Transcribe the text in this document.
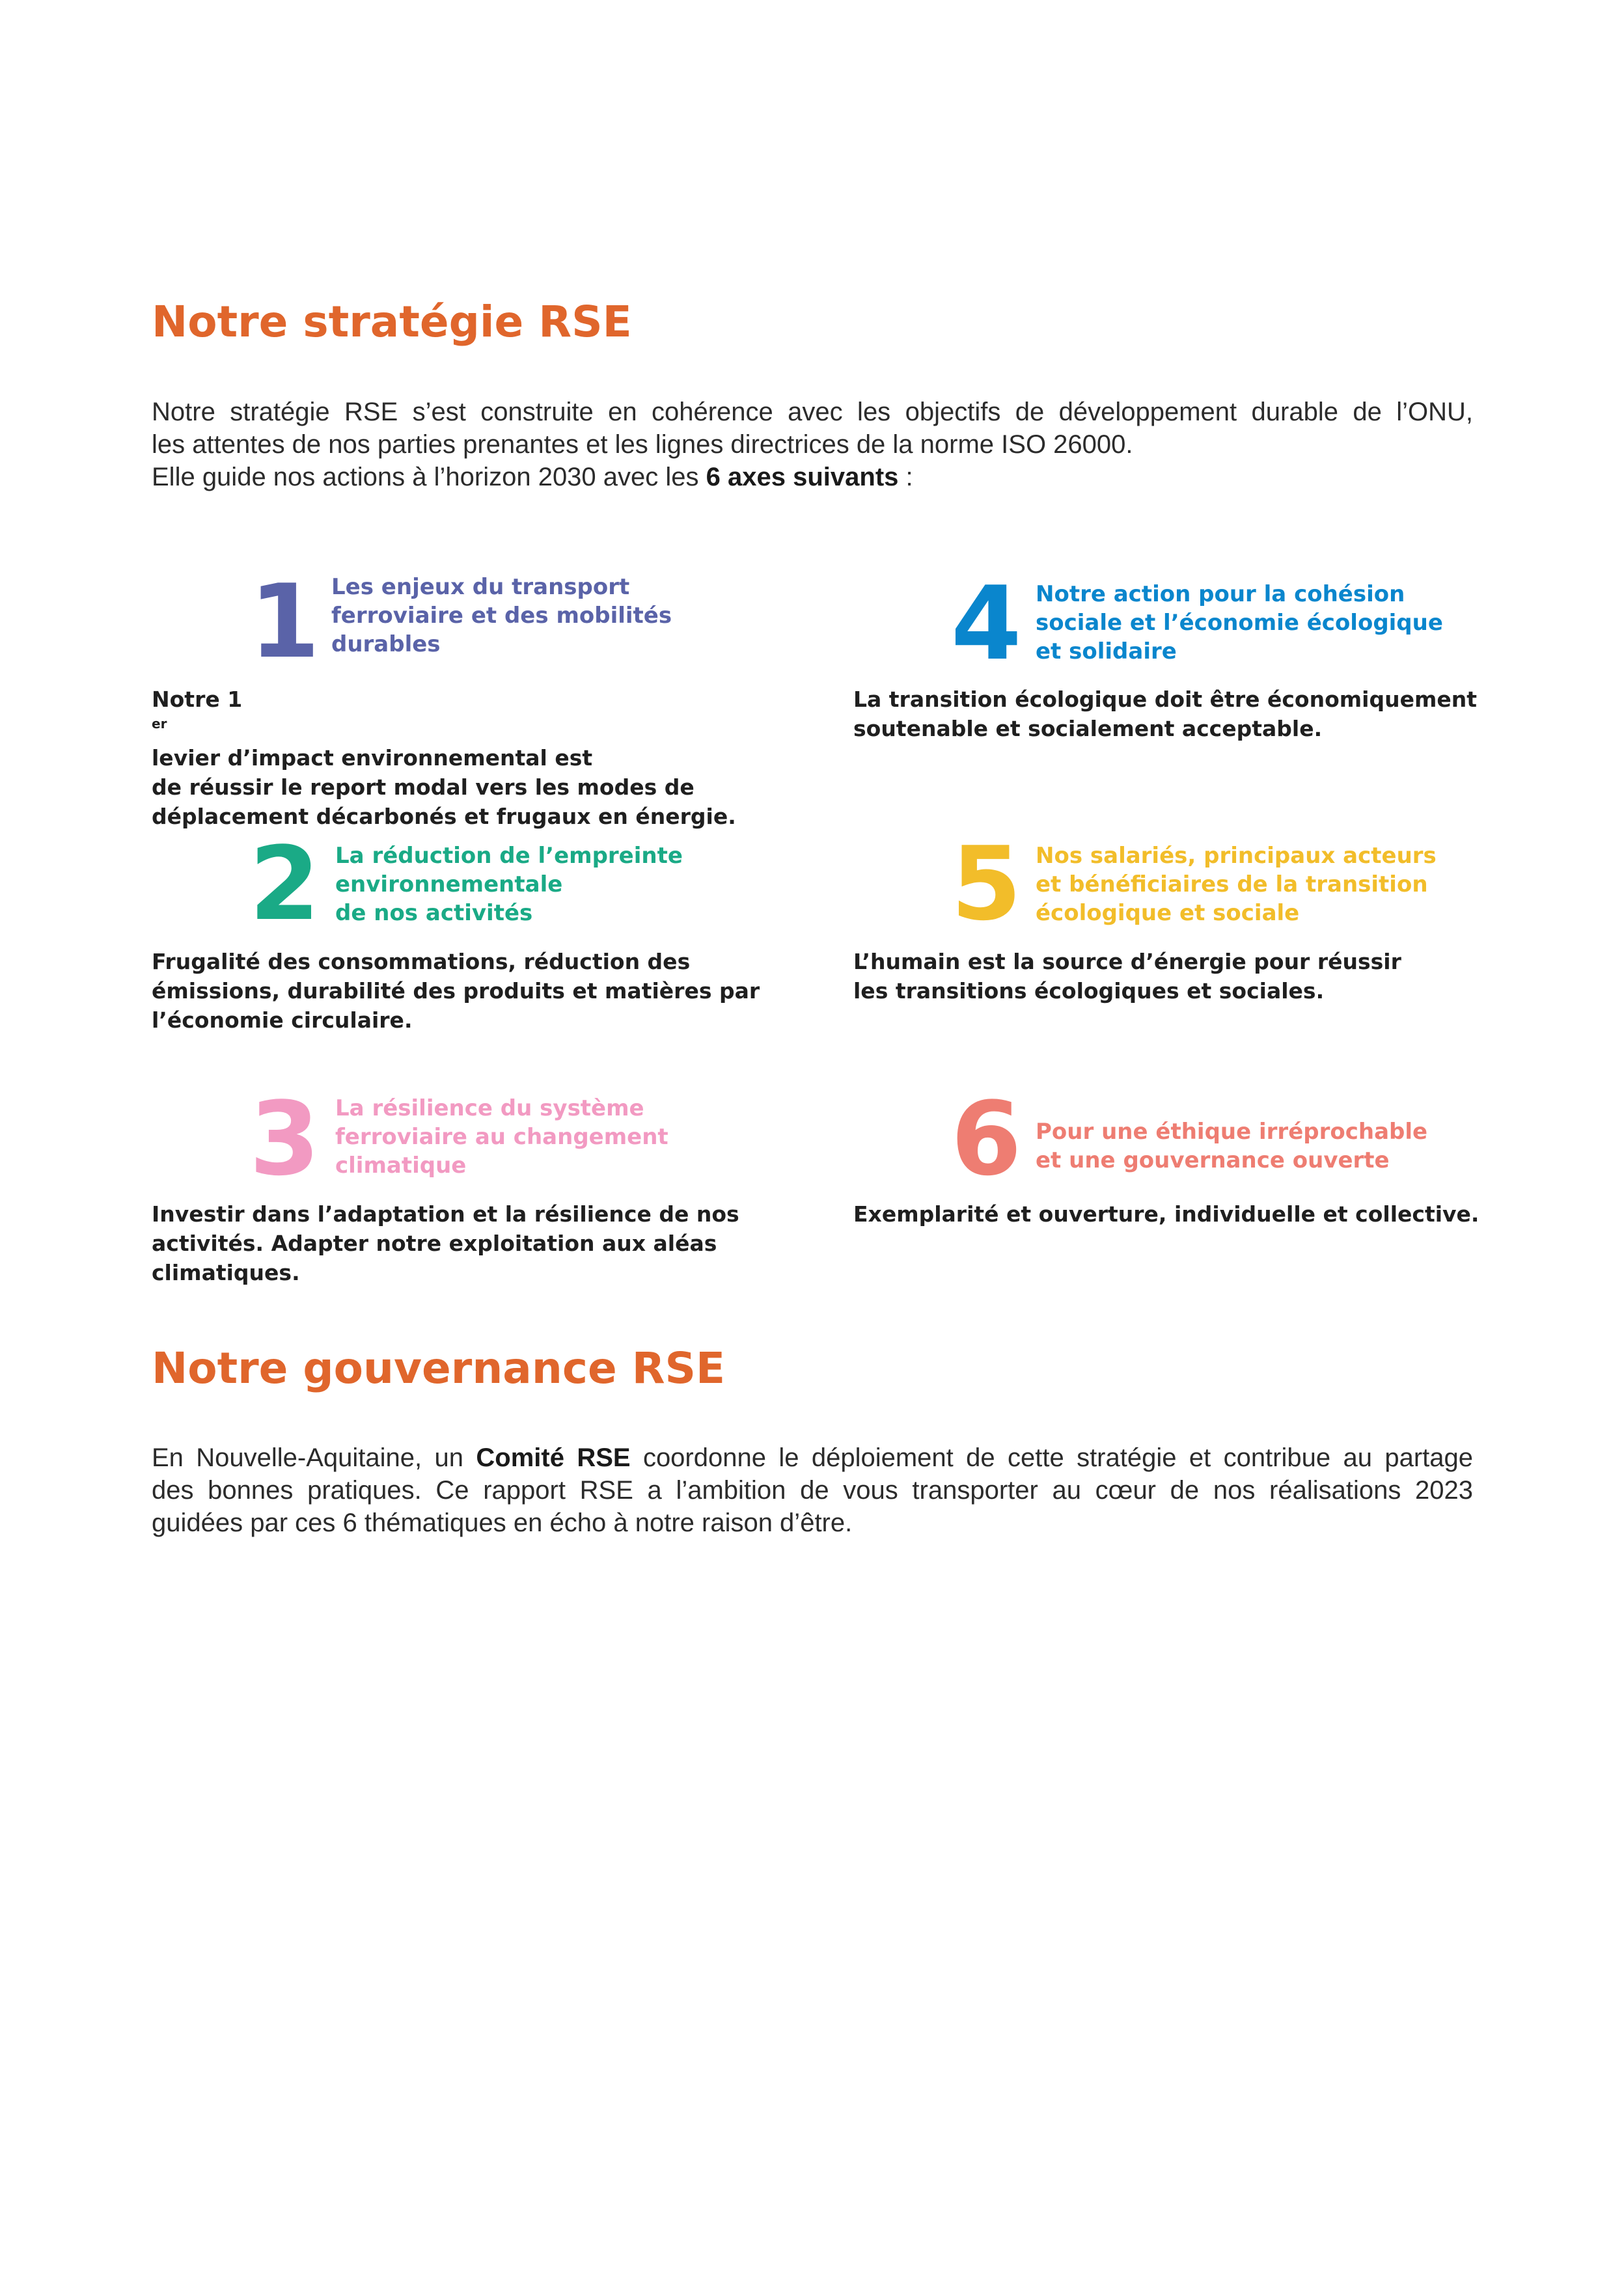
Notre stratégie RSE
Notre stratégie RSE s’est construite en cohérence avec les objectifs de développement durable de l’ONU,
les attentes de nos parties prenantes et les lignes directrices de la norme ISO 26000.
Elle guide nos actions à l’horizon 2030 avec les 6 axes suivants :
1 Les enjeux du transport
ferroviaire et des mobilités
durables
Notre 1
$^{er}$
levier d’impact environnemental est
de réussir le report modal vers les modes de
déplacement décarbonés et frugaux en énergie.
2 La réduction de l’empreinte
environnementale
de nos activités
Frugalité des consommations, réduction des
émissions, durabilité des produits et matières par
l’économie circulaire.
3 La résilience du système
ferroviaire au changement
climatique
Investir dans l’adaptation et la résilience de nos
activités. Adapter notre exploitation aux aléas
climatiques.
4 Notre action pour la cohésion
sociale et l’économie écologique
et solidaire
La transition écologique doit être économiquement
soutenable et socialement acceptable.
5 Nos salariés, principaux acteurs
et bénéficiaires de la transition
écologique et sociale
L’humain est la source d’énergie pour réussir
les transitions écologiques et sociales.
6 Pour une éthique irréprochable
et une gouvernance ouverte
Exemplarité et ouverture, individuelle et collective.
Notre gouvernance RSE
En Nouvelle-Aquitaine, un Comité RSE coordonne le déploiement de cette stratégie et contribue au partage
des bonnes pratiques. Ce rapport RSE a l’ambition de vous transporter au cœur de nos réalisations 2023
guidées par ces 6 thématiques en écho à notre raison d’être.
